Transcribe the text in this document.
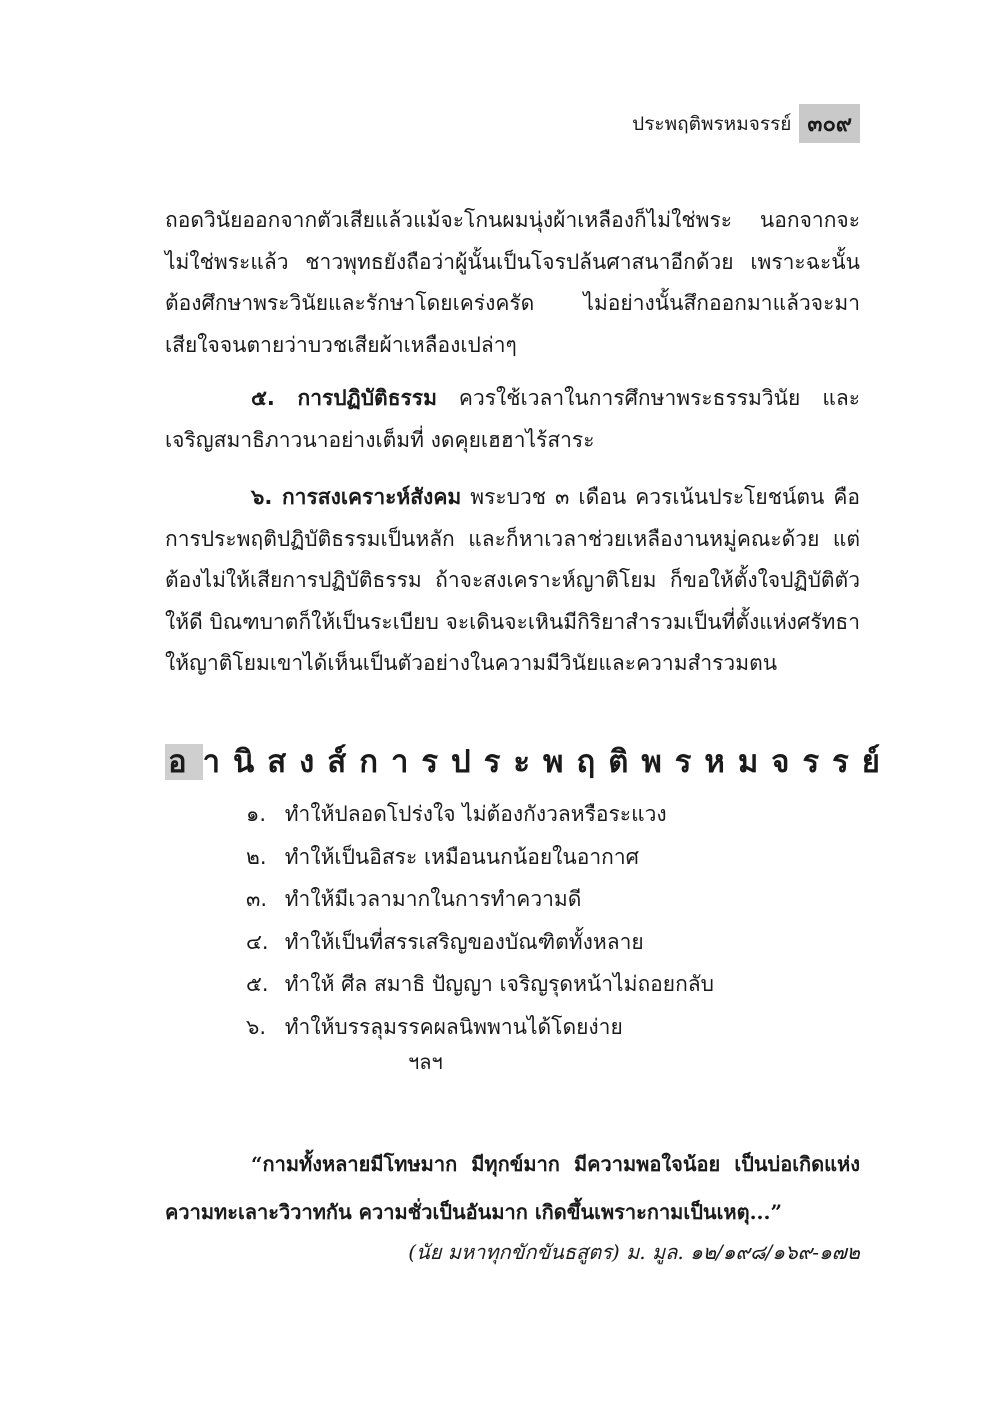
ประพฤติพรหมจรรย์ ๓๐๙
ถอดวินัยออกจากตัวเสียแล้วแม้จะโกนผมนุ่งผ้าเหลืองก็ไม่ใช่พระ นอกจากจะไม่ใช่พระแล้ว ชาวพุทธยังถือว่าผู้นั้นเป็นโจรปล้นศาสนาอีกด้วย เพราะฉะนั้นต้องศึกษาพระวินัยและรักษาโดยเคร่งครัด ไม่อย่างนั้นสึกออกมาแล้วจะมาเสียใจจนตายว่าบวชเสียผ้าเหลืองเปล่าๆ
๕. การปฏิบัติธรรม ควรใช้เวลาในการศึกษาพระธรรมวินัย และเจริญสมาธิภาวนาอย่างเต็มที่ งดคุยเฮฮาไร้สาระ
๖. การสงเคราะห์สังคม พระบวช ๓ เดือน ควรเน้นประโยชน์ตน คือการประพฤติปฏิบัติธรรมเป็นหลัก และก็หาเวลาช่วยเหลืองานหมู่คณะด้วย แต่ต้องไม่ให้เสียการปฏิบัติธรรม ถ้าจะสงเคราะห์ญาติโยม ก็ขอให้ตั้งใจปฏิบัติตัวให้ดี บิณฑบาตก็ให้เป็นระเบียบ จะเดินจะเหินมีกิริยาสำรวมเป็นที่ตั้งแห่งศรัทธา ให้ญาติโยมเขาได้เห็นเป็นตัวอย่างในความมีวินัยและความสำรวมตน
อานิสงส์การประพฤติพรหมจรรย์
๑. ทำให้ปลอดโปร่งใจ ไม่ต้องกังวลหรือระแวง
๒. ทำให้เป็นอิสระ เหมือนนกน้อยในอากาศ
๓. ทำให้มีเวลามากในการทำความดี
๔. ทำให้เป็นที่สรรเสริญของบัณฑิตทั้งหลาย
๕. ทำให้ ศีล สมาธิ ปัญญา เจริญรุดหน้าไม่ถอยกลับ
๖. ทำให้บรรลุมรรคผลนิพพานได้โดยง่าย
ฯลฯ
“กามทั้งหลายมีโทษมาก มีทุกข์มาก มีความพอใจน้อย เป็นบ่อเกิดแห่งความทะเลาะวิวาทกัน ความชั่วเป็นอันมาก เกิดขึ้นเพราะกามเป็นเหตุ...”
(นัย มหาทุกขักขันธสูตร) ม. มูล. ๑๒/๑๙๘/๑๖๙-๑๗๒
